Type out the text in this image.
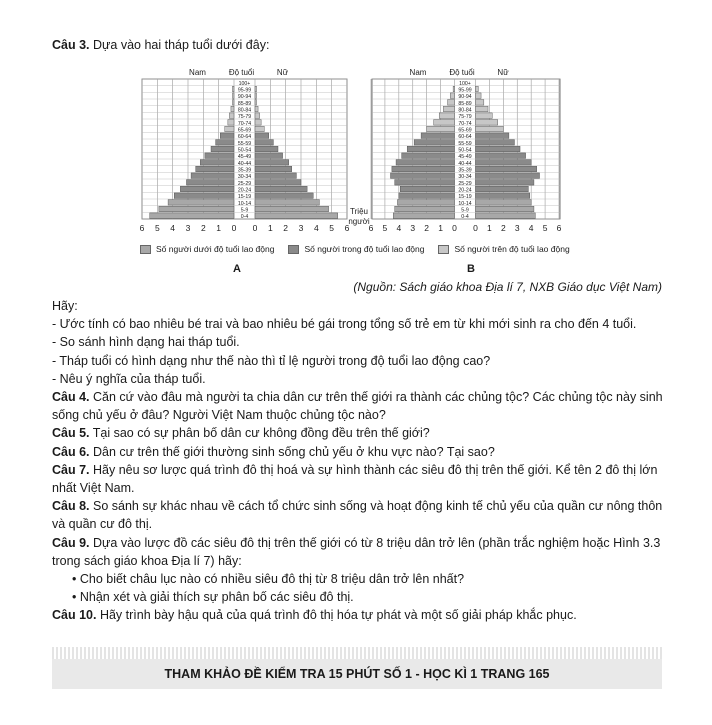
Câu 3. Dựa vào hai tháp tuổi dưới đây:
100+
95-99
90-94
85-89
80-84
75-79
70-74
65-69
60-64
55-59
50-54
45-49
40-44
35-39
30-34
25-29
20-24
15-19
10-14
5-9
0-4
Nam	Độ tuổi	Nữ
6 5 4 3 2 1 0 0 1 2 3 4 5 6
100+
95-99
90-94
85-89
80-84
75-79
70-74
65-69
60-64
55-59
50-54
45-49
40-44
35-39
30-34
25-29
20-24
15-19
10-14
5-9
0-4
Nam	Độ tuổi	Nữ
6 5 4 3 2 1 0 0 1 2 3 4 5 6
Triệu
người
Số người dưới độ tuổi lao động	Số người trong độ tuổi lao động	Số người trên độ tuổi lao động
A	B
(Nguồn: Sách giáo khoa Địa lí 7, NXB Giáo dục Việt Nam)

Hãy:

- Ước tính có bao nhiêu bé trai và bao nhiêu bé gái trong tổng số trẻ em từ khi mới sinh ra cho đến 4 tuổi.

- So sánh hình dạng hai tháp tuổi.

- Tháp tuổi có hình dạng như thế nào thì tỉ lệ người trong độ tuổi lao động cao?

- Nêu ý nghĩa của tháp tuổi.

Câu 4. Căn cứ vào đâu mà người ta chia dân cư trên thế giới ra thành các chủng tộc? Các chủng tộc này sinh sống chủ yếu ở đâu? Người Việt Nam thuộc chủng tộc nào?

Câu 5. Tại sao có sự phân bố dân cư không đồng đều trên thế giới?

Câu 6. Dân cư trên thế giới thường sinh sống chủ yếu ở khu vực nào? Tại sao?

Câu 7. Hãy nêu sơ lược quá trình đô thị hoá và sự hình thành các siêu đô thị trên thế giới. Kể tên 2 đô thị lớn nhất Việt Nam.

Câu 8. So sánh sự khác nhau về cách tổ chức sinh sống và hoạt động kinh tế chủ yếu của quần cư nông thôn và quần cư đô thị.

Câu 9. Dựa vào lược đồ các siêu đô thị trên thế giới có từ 8 triệu dân trở lên (phần trắc nghiệm hoặc Hình 3.3 trong sách giáo khoa Địa lí 7) hãy:

• Cho biết châu lục nào có nhiều siêu đô thị từ 8 triệu dân trở lên nhất?

• Nhận xét và giải thích sự phân bố các siêu đô thị.

Câu 10. Hãy trình bày hậu quả của quá trình đô thị hóa tự phát và một số giải pháp khắc phục.

THAM KHẢO ĐỀ KIỂM TRA 15 PHÚT SỐ 1 - HỌC KÌ 1 TRANG 165
